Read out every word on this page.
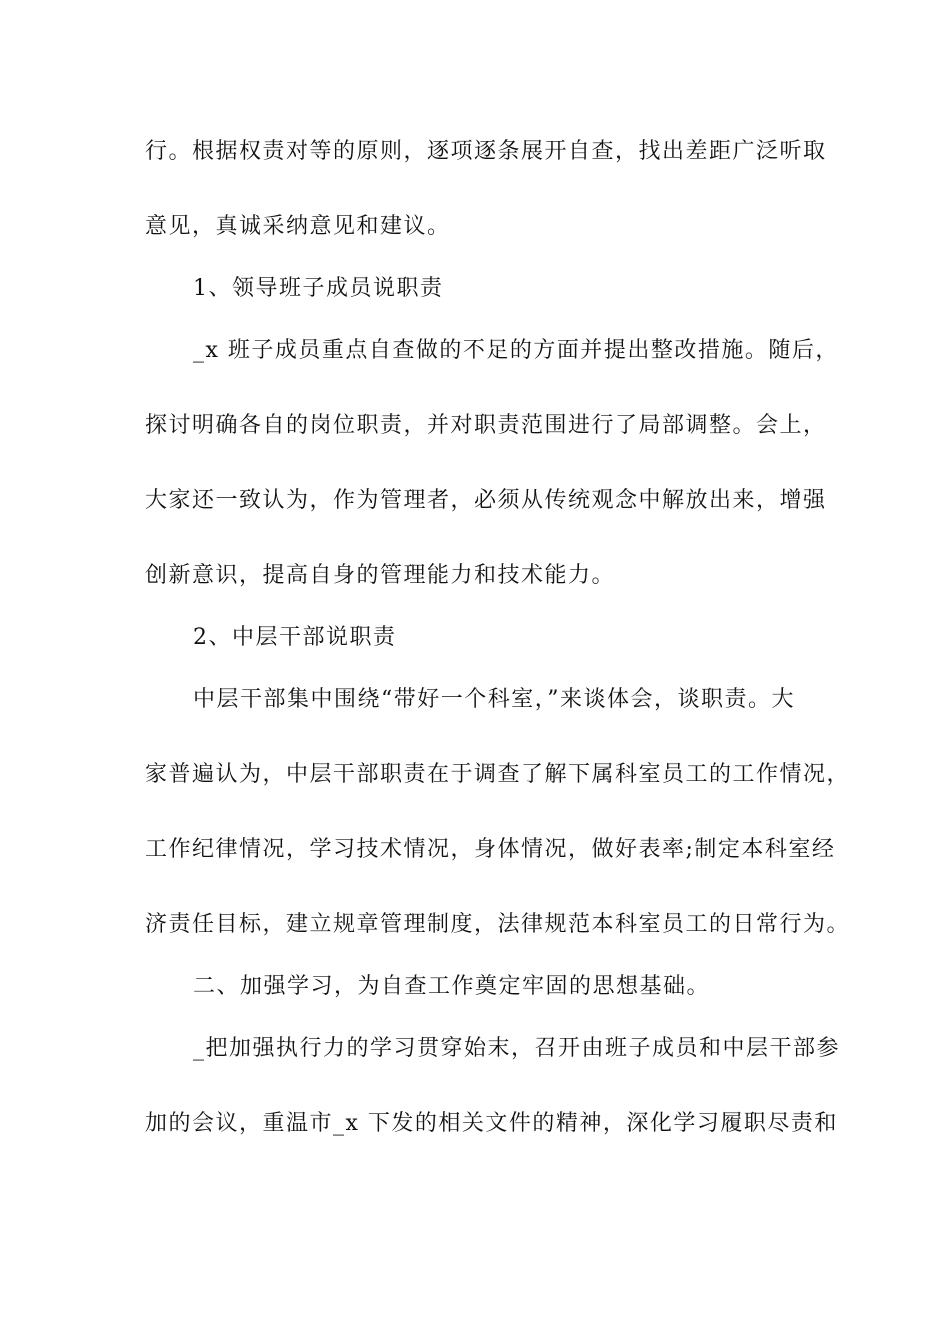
行。根据权责对等的原则，逐项逐条展开自查，找出差距广泛听取
意见，真诚采纳意见和建议。
1、领导班子成员说职责
_x 班子成员重点自查做的不足的方面并提出整改措施。随后，
探讨明确各自的岗位职责，并对职责范围进行了局部调整。会上，
大家还一致认为，作为管理者，必须从传统观念中解放出来，增强
创新意识，提高自身的管理能力和技术能力。
2、中层干部说职责
中层干部集中围绕“带好一个科室，”来谈体会，谈职责。大
家普遍认为，中层干部职责在于调查了解下属科室员工的工作情况，
工作纪律情况，学习技术情况，身体情况，做好表率;制定本科室经
济责任目标，建立规章管理制度，法律规范本科室员工的日常行为。
二、加强学习，为自查工作奠定牢固的思想基础。
_把加强执行力的学习贯穿始末，召开由班子成员和中层干部参
加的会议，重温市_x 下发的相关文件的精神，深化学习履职尽责和
